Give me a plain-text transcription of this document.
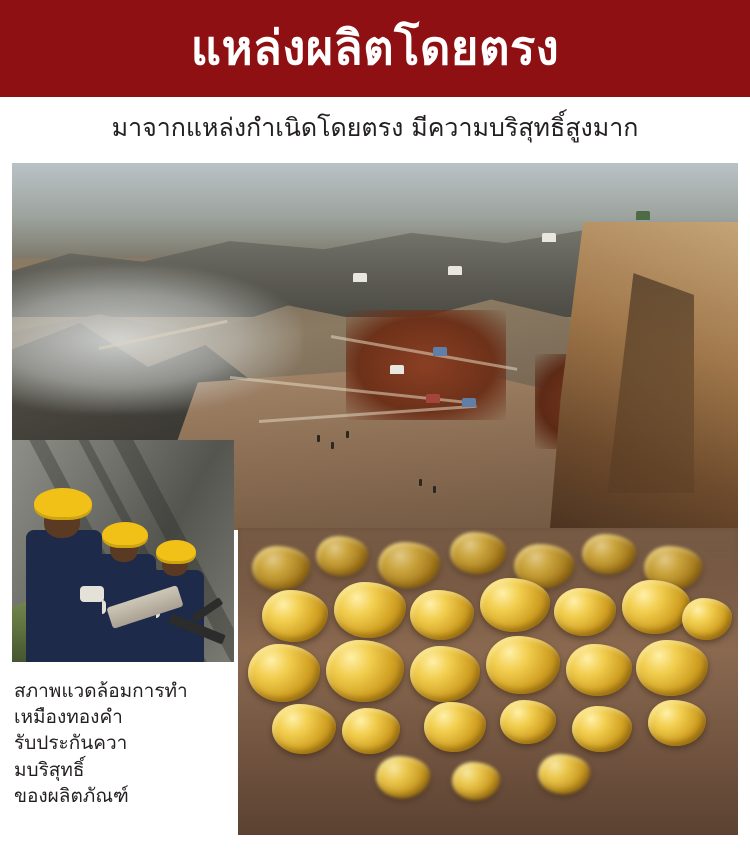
แหล่งผลิตโดยตรง
มาจากแหล่งกำเนิดโดยตรง มีความบริสุทธิ์สูงมาก
สภาพแวดล้อมการทำ
เหมืองทองคำ
รับประกันควา
มบริสุทธิ์
ของผลิตภัณฑ์
